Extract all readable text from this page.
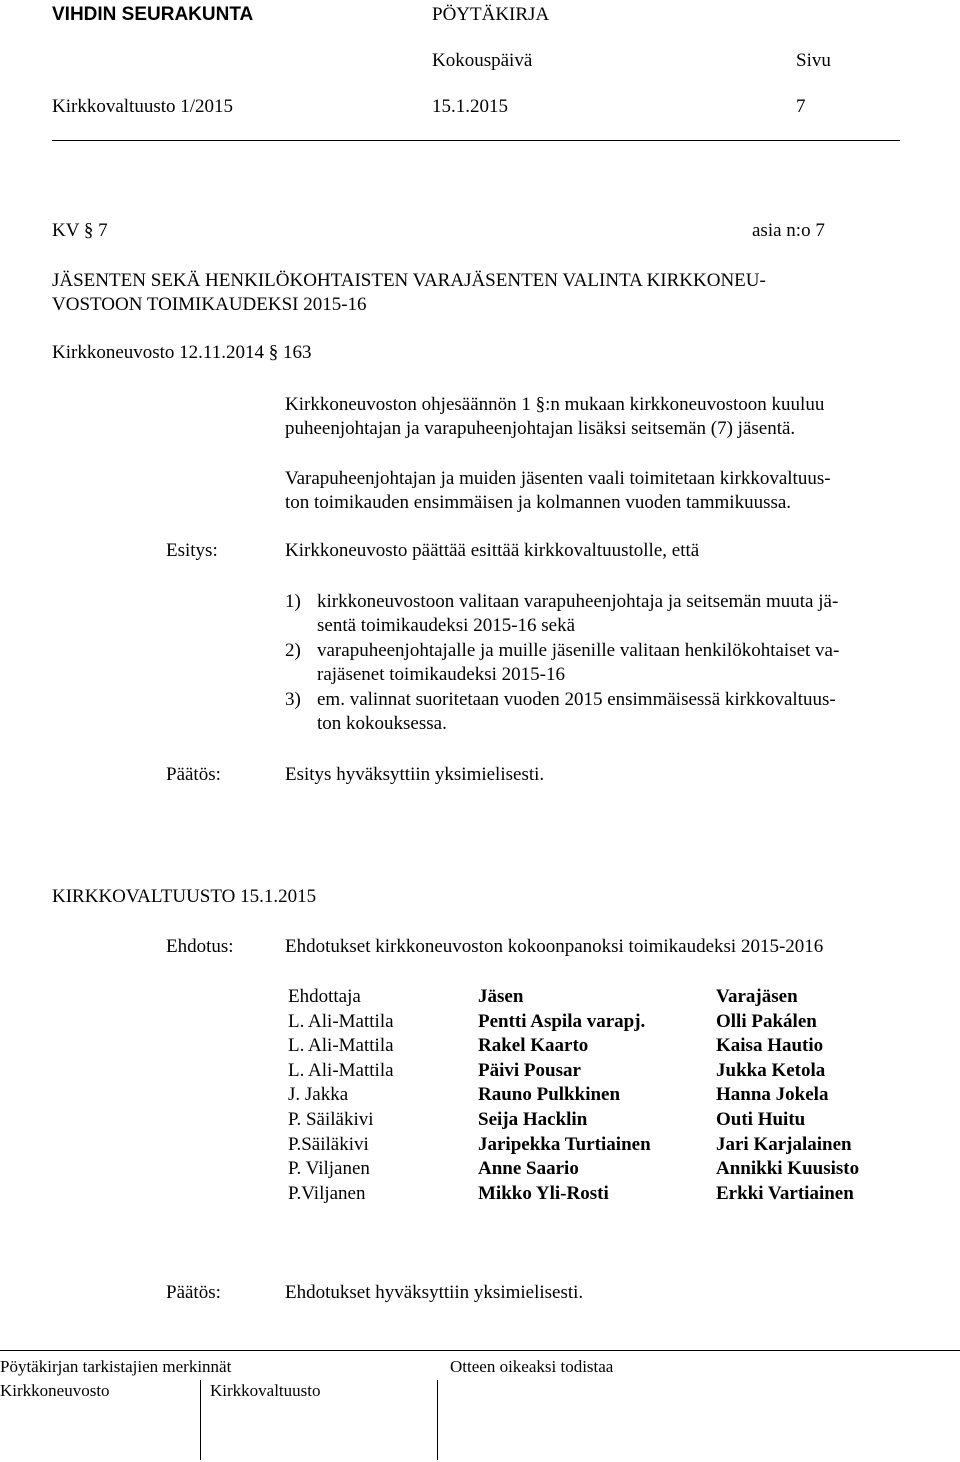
VIHDIN SEURAKUNTA	PÖYTÄKIRJA
Kokouspäivä	Sivu
Kirkkovaltuusto 1/2015	15.1.2015	7
KV § 7	asia n:o 7
JÄSENTEN SEKÄ HENKILÖKOHTAISTEN VARAJÄSENTEN VALINTA KIRKKONEU-
VOSTOON TOIMIKAUDEKSI 2015-16
Kirkkoneuvosto 12.11.2014 § 163
Kirkkoneuvoston ohjesäännön 1 §:n mukaan kirkkoneuvostoon kuuluu
puheenjohtajan ja varapuheenjohtajan lisäksi seitsemän (7) jäsentä.
Varapuheenjohtajan ja muiden jäsenten vaali toimitetaan kirkkovaltuus-
ton toimikauden ensimmäisen ja kolmannen vuoden tammikuussa.
Esitys:	Kirkkoneuvosto päättää esittää kirkkovaltuustolle, että
1) kirkkoneuvostoon valitaan varapuheenjohtaja ja seitsemän muuta jä-
sentä toimikaudeksi 2015-16 sekä
2) varapuheenjohtajalle ja muille jäsenille valitaan henkilökohtaiset va-
rajäsenet toimikaudeksi 2015-16
3) em. valinnat suoritetaan vuoden 2015 ensimmäisessä kirkkovaltuus-
ton kokouksessa.
Päätös:	Esitys hyväksyttiin yksimielisesti.
KIRKKOVALTUUSTO 15.1.2015
Ehdotus:	Ehdotukset kirkkoneuvoston kokoonpanoksi toimikaudeksi 2015-2016
Ehdottaja	Jäsen	Varajäsen
L. Ali-Mattila	Pentti Aspila varapj.	Olli Pakálen
L. Ali-Mattila	Rakel Kaarto	Kaisa Hautio
L. Ali-Mattila	Päivi Pousar	Jukka Ketola
J. Jakka	Rauno Pulkkinen	Hanna Jokela
P. Säiläkivi	Seija Hacklin	Outi Huitu
P.Säiläkivi	Jaripekka Turtiainen	Jari Karjalainen
P. Viljanen	Anne Saario	Annikki Kuusisto
P.Viljanen	Mikko Yli-Rosti	Erkki Vartiainen
Päätös:	Ehdotukset hyväksyttiin yksimielisesti.
Pöytäkirjan tarkistajien merkinnät	Otteen oikeaksi todistaa
Kirkkoneuvosto	Kirkkovaltuusto
